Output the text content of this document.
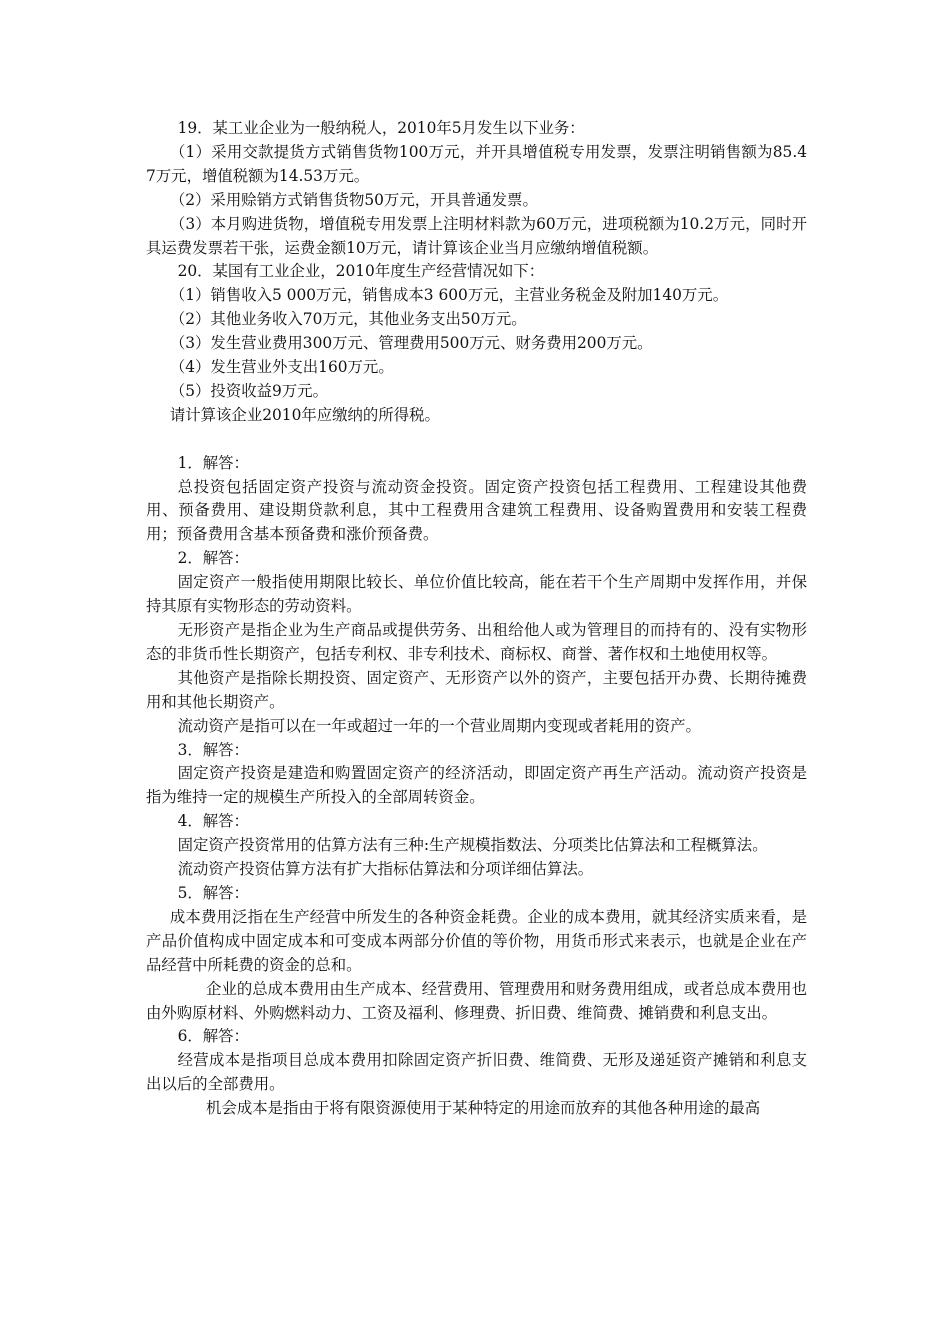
19．某工业企业为一般纳税人，2010年5月发生以下业务：

（1）采用交款提货方式销售货物100万元，并开具增值税专用发票，发票注明销售额为85.47万元，增值税额为14.53万元。

（2）采用赊销方式销售货物50万元，开具普通发票。

（3）本月购进货物，增值税专用发票上注明材料款为60万元，进项税额为10.2万元，同时开具运费发票若干张，运费金额10万元，请计算该企业当月应缴纳增值税额。

20．某国有工业企业，2010年度生产经营情况如下：

（1）销售收入5 000万元，销售成本3 600万元，主营业务税金及附加140万元。

（2）其他业务收入70万元，其他业务支出50万元。

（3）发生营业费用300万元、管理费用500万元、财务费用200万元。

（4）发生营业外支出160万元。

（5）投资收益9万元。

请计算该企业2010年应缴纳的所得税。

1．解答：

总投资包括固定资产投资与流动资金投资。固定资产投资包括工程费用、工程建设其他费用、预备费用、建设期贷款利息，其中工程费用含建筑工程费用、设备购置费用和安装工程费用；预备费用含基本预备费和涨价预备费。

2．解答：

固定资产一般指使用期限比较长、单位价值比较高，能在若干个生产周期中发挥作用，并保持其原有实物形态的劳动资料。

无形资产是指企业为生产商品或提供劳务、出租给他人或为管理目的而持有的、没有实物形态的非货币性长期资产，包括专利权、非专利技术、商标权、商誉、著作权和土地使用权等。

其他资产是指除长期投资、固定资产、无形资产以外的资产，主要包括开办费、长期待摊费用和其他长期资产。

流动资产是指可以在一年或超过一年的一个营业周期内变现或者耗用的资产。

3．解答：

固定资产投资是建造和购置固定资产的经济活动，即固定资产再生产活动。流动资产投资是指为维持一定的规模生产所投入的全部周转资金。

4．解答：

固定资产投资常用的估算方法有三种:生产规模指数法、分项类比估算法和工程概算法。

流动资产投资估算方法有扩大指标估算法和分项详细估算法。

5．解答：

成本费用泛指在生产经营中所发生的各种资金耗费。企业的成本费用，就其经济实质来看，是产品价值构成中固定成本和可变成本两部分价值的等价物，用货币形式来表示，也就是企业在产品经营中所耗费的资金的总和。

企业的总成本费用由生产成本、经营费用、管理费用和财务费用组成，或者总成本费用也由外购原材料、外购燃料动力、工资及福利、修理费、折旧费、维简费、摊销费和利息支出。

6．解答：

经营成本是指项目总成本费用扣除固定资产折旧费、维简费、无形及递延资产摊销和利息支出以后的全部费用。

机会成本是指由于将有限资源使用于某种特定的用途而放弃的其他各种用途的最高
